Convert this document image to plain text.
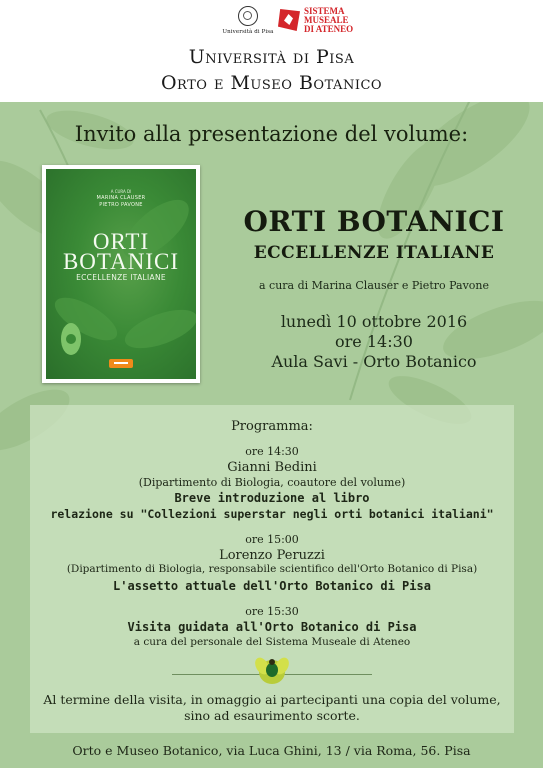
Università di Pisa
SISTEMA
MUSEALE
DI ATENEO
Università di Pisa
Orto e Museo Botanico
Invito alla presentazione del volume:
A CURA DI
MARINA CLAUSER
PIETRO PAVONE
ORTI
BOTANICI
ECCELLENZE ITALIANE
ORTI BOTANICI
ECCELLENZE ITALIANE
a cura di Marina Clauser e Pietro Pavone
lunedì 10 ottobre 2016
ore 14:30
Aula Savi - Orto Botanico
Programma:
ore 14:30
Gianni Bedini
(Dipartimento di Biologia, coautore del volume)
Breve introduzione al libro
relazione su "Collezioni superstar negli orti botanici italiani"
ore 15:00
Lorenzo Peruzzi
(Dipartimento di Biologia, responsabile scientifico dell'Orto Botanico di Pisa)
L'assetto attuale dell'Orto Botanico di Pisa
ore 15:30
Visita guidata all'Orto Botanico di Pisa
a cura del personale del Sistema Museale di Ateneo
Al termine della visita, in omaggio ai partecipanti una copia del volume,
sino ad esaurimento scorte.
Orto e Museo Botanico, via Luca Ghini, 13 / via Roma, 56. Pisa
